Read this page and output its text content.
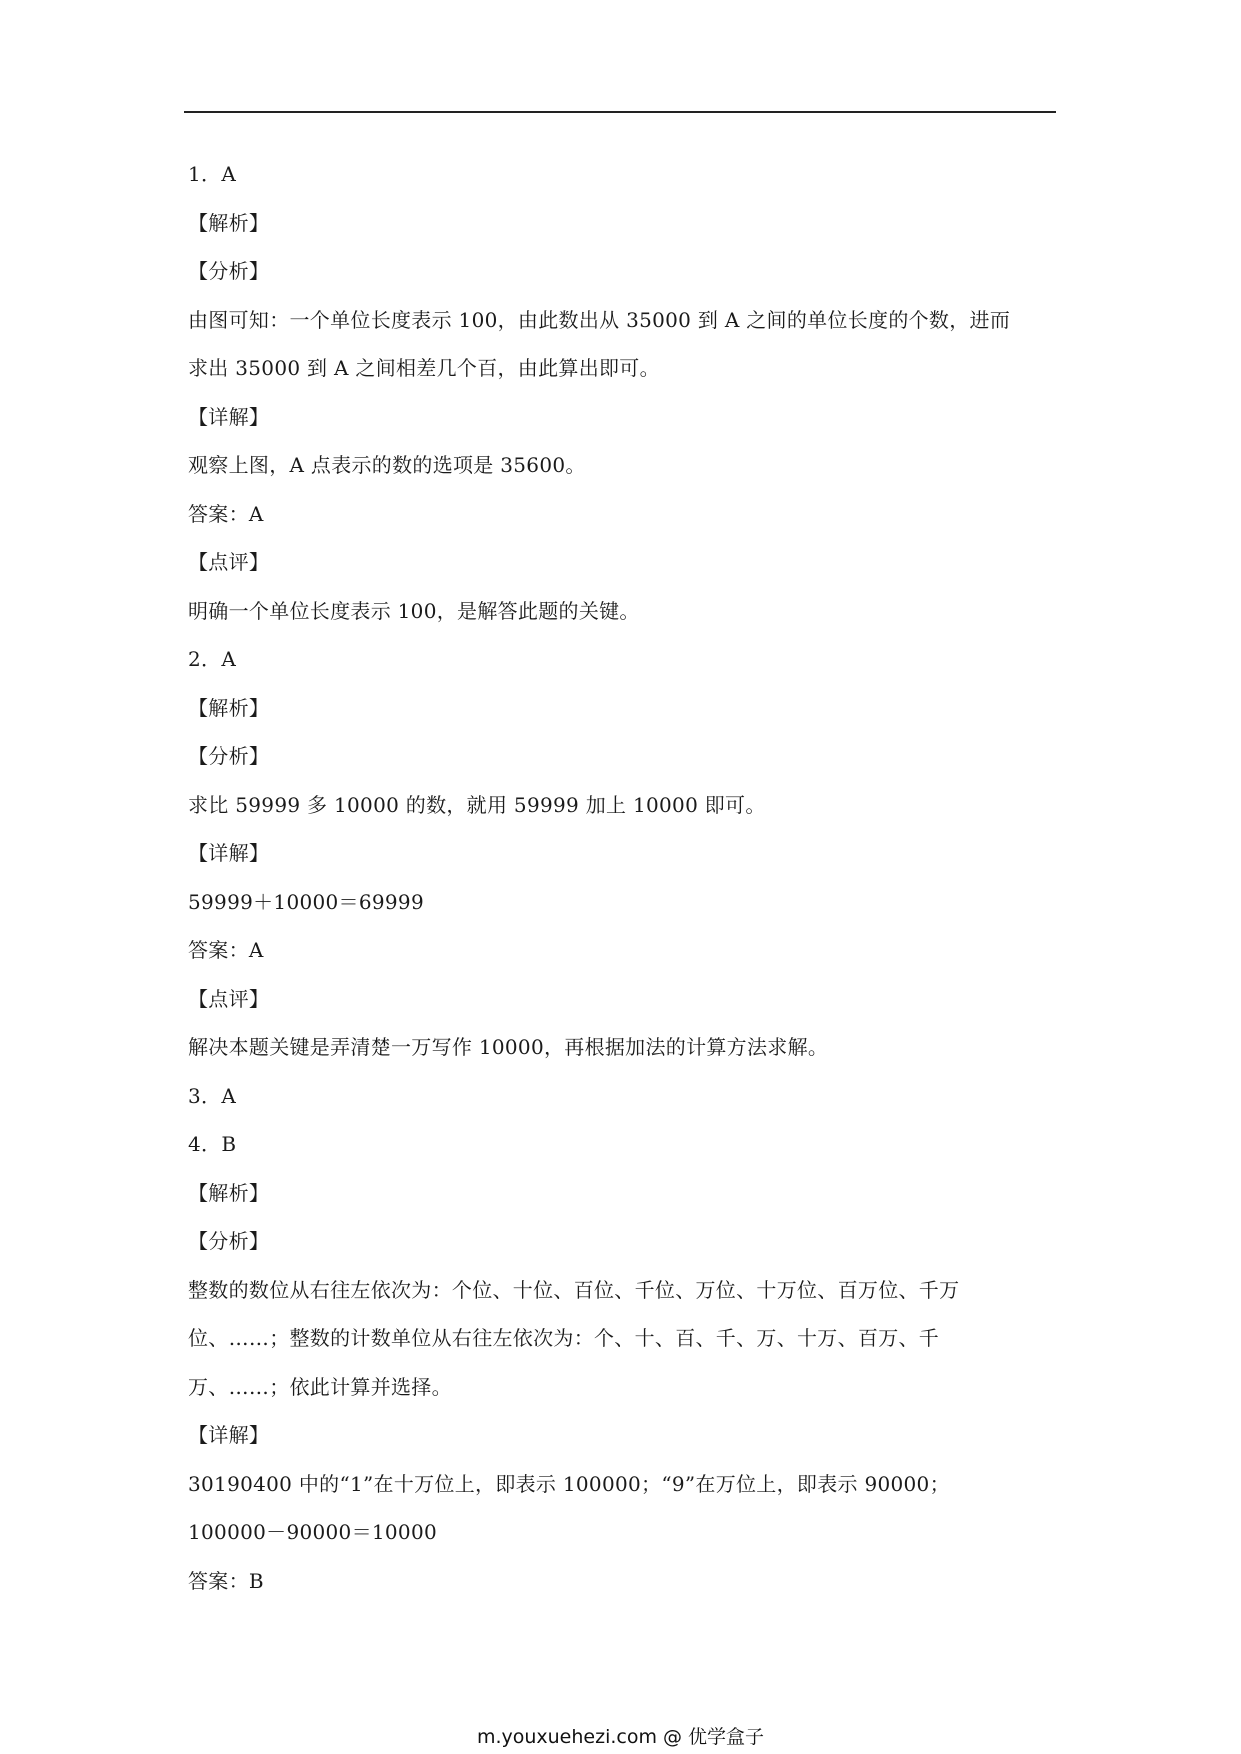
1．A
【解析】
【分析】
由图可知：一个单位长度表示 100，由此数出从 35000 到 A 之间的单位长度的个数，进而
求出 35000 到 A 之间相差几个百，由此算出即可。
【详解】
观察上图，A 点表示的数的选项是 35600。
答案：A
【点评】
明确一个单位长度表示 100，是解答此题的关键。
2．A
【解析】
【分析】
求比 59999 多 10000 的数，就用 59999 加上 10000 即可。
【详解】
59999＋10000＝69999
答案：A
【点评】
解决本题关键是弄清楚一万写作 10000，再根据加法的计算方法求解。
3．A
4．B
【解析】
【分析】
整数的数位从右往左依次为：个位、十位、百位、千位、万位、十万位、百万位、千万
位、……；整数的计数单位从右往左依次为：个、十、百、千、万、十万、百万、千
万、……；依此计算并选择。
【详解】
30190400 中的“1”在十万位上，即表示 100000；“9”在万位上，即表示 90000；
100000－90000＝10000
答案：B
m.youxuehezi.com @ 优学盒子
